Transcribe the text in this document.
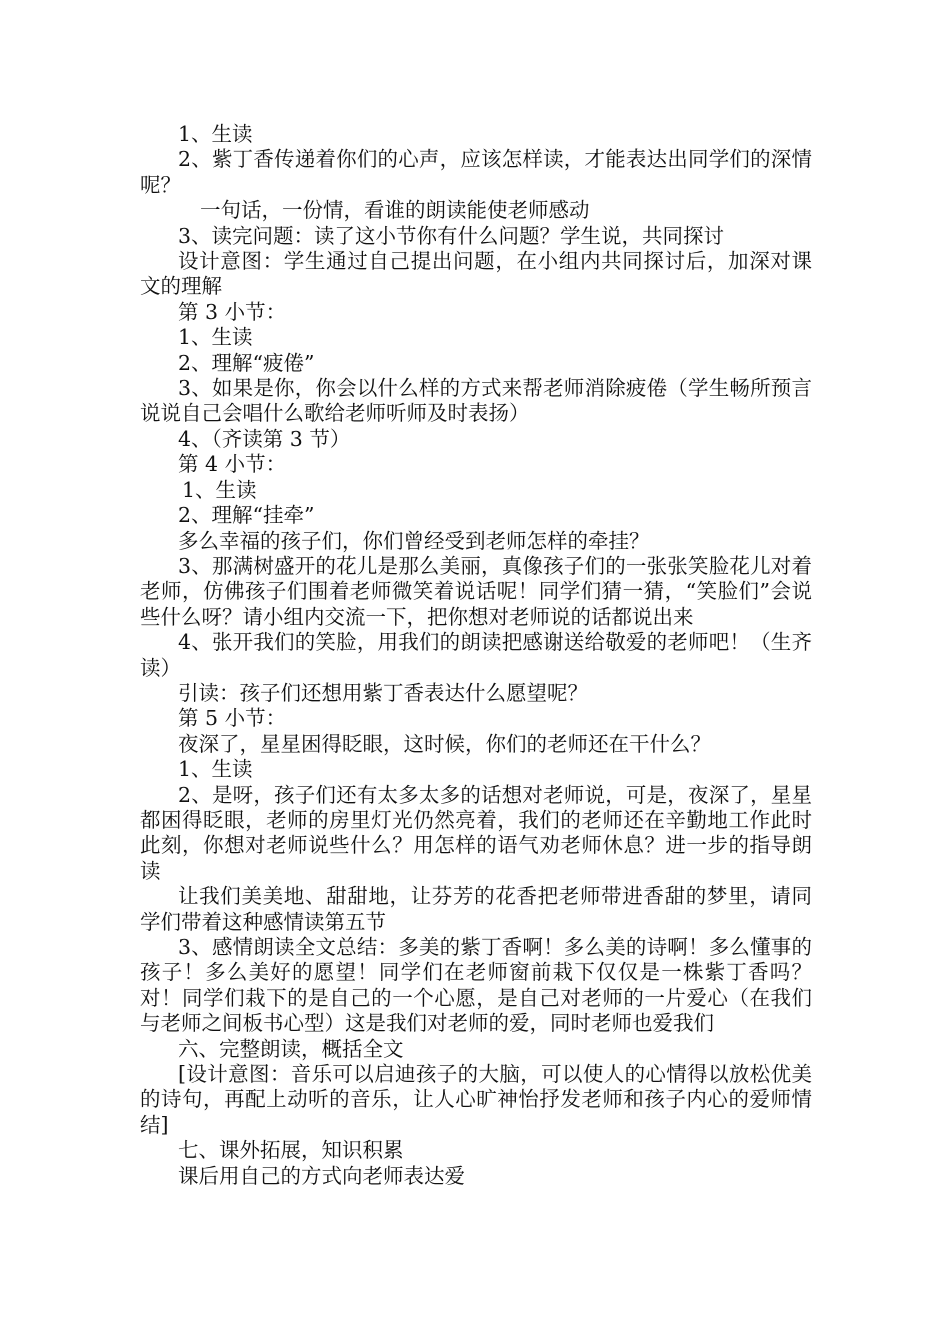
1、生读

2、紫丁香传递着你们的心声，应该怎样读，才能表达出同学们的深情呢？

一句话，一份情，看谁的朗读能使老师感动

3、读完问题：读了这小节你有什么问题？学生说，共同探讨

设计意图：学生通过自己提出问题，在小组内共同探讨后，加深对课文的理解

第 3 小节：

1、生读

2、理解“疲倦”

3、如果是你，你会以什么样的方式来帮老师消除疲倦（学生畅所预言说说自己会唱什么歌给老师听师及时表扬）

4、（齐读第 3 节）

第 4 小节：

1、生读

2、理解“挂牵”

多么幸福的孩子们，你们曾经受到老师怎样的牵挂？

3、那满树盛开的花儿是那么美丽，真像孩子们的一张张笑脸花儿对着老师，仿佛孩子们围着老师微笑着说话呢！同学们猜一猜，“笑脸们”会说些什么呀？请小组内交流一下，把你想对老师说的话都说出来

4、张开我们的笑脸，用我们的朗读把感谢送给敬爱的老师吧！（生齐读）

引读：孩子们还想用紫丁香表达什么愿望呢？

第 5 小节：

夜深了，星星困得眨眼，这时候，你们的老师还在干什么？

1、生读

2、是呀，孩子们还有太多太多的话想对老师说，可是，夜深了，星星都困得眨眼，老师的房里灯光仍然亮着，我们的老师还在辛勤地工作此时此刻，你想对老师说些什么？用怎样的语气劝老师休息？进一步的指导朗读

让我们美美地、甜甜地，让芬芳的花香把老师带进香甜的梦里，请同学们带着这种感情读第五节

3、感情朗读全文总结：多美的紫丁香啊！多么美的诗啊！多么懂事的孩子！多么美好的愿望！同学们在老师窗前栽下仅仅是一株紫丁香吗？对！同学们栽下的是自己的一个心愿，是自己对老师的一片爱心（在我们与老师之间板书心型）这是我们对老师的爱，同时老师也爱我们

六、完整朗读，概括全文

[设计意图：音乐可以启迪孩子的大脑，可以使人的心情得以放松优美的诗句，再配上动听的音乐，让人心旷神怡抒发老师和孩子内心的爱师情结]

七、课外拓展，知识积累

课后用自己的方式向老师表达爱
